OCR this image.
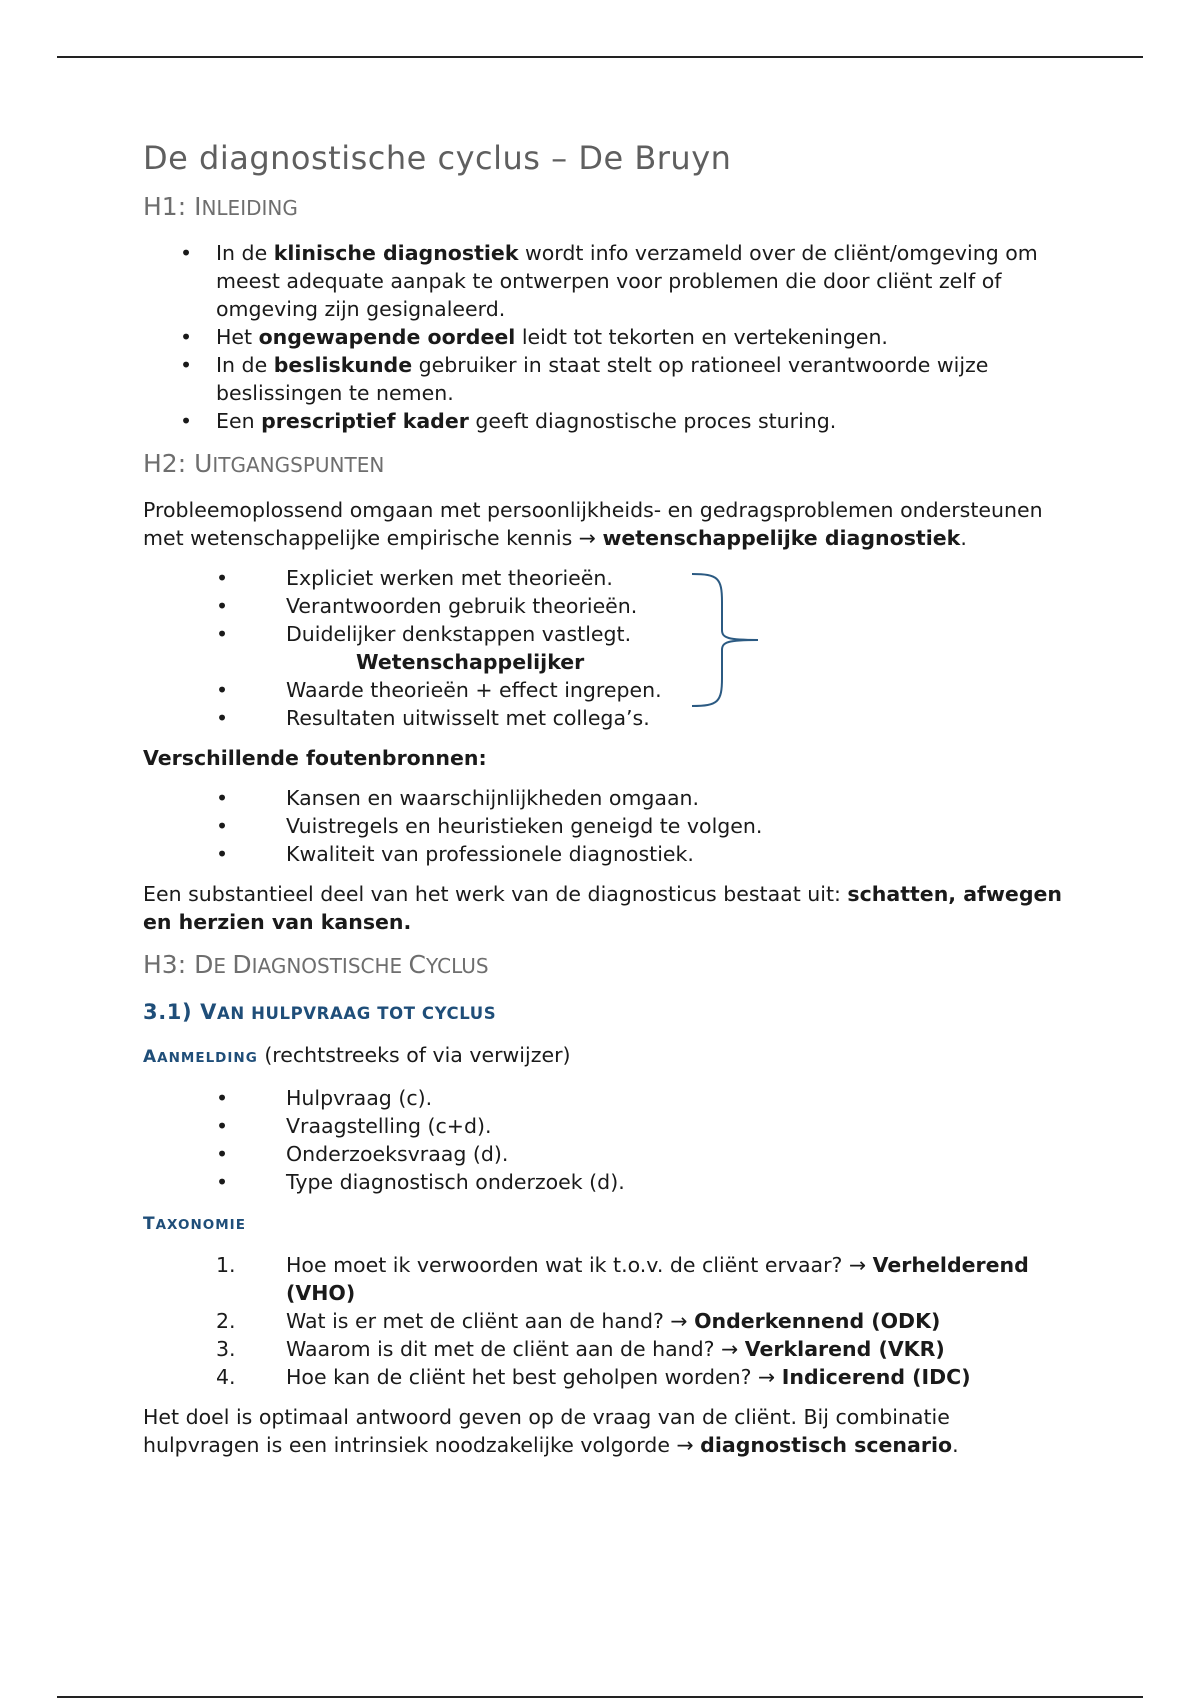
De diagnostische cyclus – De Bruyn
H1: INLEIDING
• In de klinische diagnostiek wordt info verzameld over de cliënt/omgeving om meest adequate aanpak te ontwerpen voor problemen die door cliënt zelf of omgeving zijn gesignaleerd.
• Het ongewapende oordeel leidt tot tekorten en vertekeningen.
• In de besliskunde gebruiker in staat stelt op rationeel verantwoorde wijze beslissingen te nemen.
• Een prescriptief kader geeft diagnostische proces sturing.
H2: UITGANGSPUNTEN

Probleemoplossend omgaan met persoonlijkheids- en gedragsproblemen ondersteunen met wetenschappelijke empirische kennis → wetenschappelijke diagnostiek.

•	Expliciet werken met theorieën.
•	Verantwoorden gebruik theorieën.
•	Duidelijker denkstappen vastlegt.
Wetenschappelijker
•	Waarde theorieën + effect ingrepen.
•	Resultaten uitwisselt met collega’s.

Verschillende foutenbronnen:

•	Kansen en waarschijnlijkheden omgaan.
•	Vuistregels en heuristieken geneigd te volgen.
•	Kwaliteit van professionele diagnostiek.

Een substantieel deel van het werk van de diagnosticus bestaat uit: schatten, afwegen en herzien van kansen.

H3: DE DIAGNOSTISCHE CYCLUS
3.1) VAN HULPVRAAG TOT CYCLUS

AANMELDING (rechtstreeks of via verwijzer)

•	Hulpvraag (c).
•	Vraagstelling (c+d).
•	Onderzoeksvraag (d).
•	Type diagnostisch onderzoek (d).

TAXONOMIE

1. Hoe moet ik verwoorden wat ik t.o.v. de cliënt ervaar? → Verhelderend (VHO)
2. Wat is er met de cliënt aan de hand? → Onderkennend (ODK)
3. Waarom is dit met de cliënt aan de hand? → Verklarend (VKR)
4. Hoe kan de cliënt het best geholpen worden? → Indicerend (IDC)

Het doel is optimaal antwoord geven op de vraag van de cliënt. Bij combinatie hulpvragen is een intrinsiek noodzakelijke volgorde → diagnostisch scenario.
